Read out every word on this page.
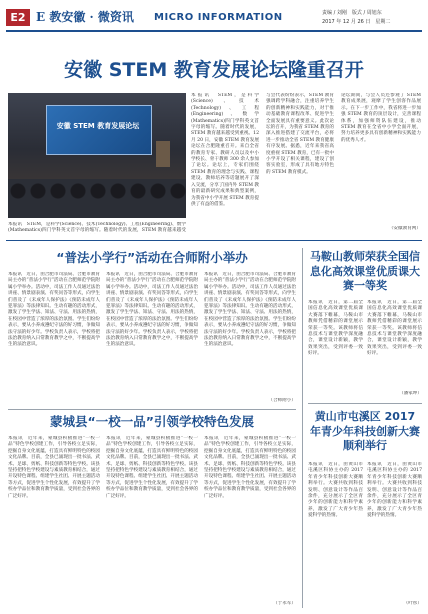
E2 E 教安徽 · 微资讯 MICRO INFORMATION	责编 / 刘刚　版式 / 周旭东
2017 年 12 月 26 日　星期二
安徽 STEM 教育发展论坛隆重召开
安徽 STEM 教育发展论坛
本报讯　STEM，是科学(Science)、技术(Technology)、工程(Engineering)、数学(Mathematics)四门学科英文首字母的缩写。随着时代的发展，STEM 教育越来越受到重视。12 月 20 日，安徽 STEM 教育发展论坛在合肥隆重召开。来自全省的教育专家、教研人员以及中小学校长、骨干教师 300 余人参加了论坛。论坛上，专家们围绕 STEM 教育的理念与实践、课程建设、教师培养等话题展开了深入交流，分享了国内外 STEM 教育的最新研究成果和典型案例，为我省中小学开展 STEM 教育提供了有益的借鉴。
与会代表纷纷表示，STEM 教育强调跨学科融合，注重培养学生的创新精神和实践能力，对于推动基础教育课程改革、促进学生全面发展具有重要意义。此次论坛的召开，为我省 STEM 教育的深入推进搭建了交流平台，必将进一步推动全省 STEM 教育健康有序发展。据悉，近年来我省高度重视 STEM 教育，已有一批中小学开设了相关课程，建设了创客实验室，形成了具有地方特色的 STEM 教育模式。
论坛期间，与会人员还参观了 STEM 教育成果展，观摩了学生创客作品展示。在下一步工作中，我省将进一步加强 STEM 教育的顶层设计，完善课程体系，加强师资队伍建设，推动 STEM 教育在全省中小学全面开展，努力培养更多具有创新精神和实践能力的优秀人才。
（安徽教育网）
本报讯　STEM，是科学(Science)、技术(Technology)、工程(Engineering)、数学(Mathematics)四门学科英文首字母的缩写。随着时代的发展，STEM 教育越来越受
“普法小学行”活动在合师附小举办
本报讯　近日，由合肥市司法局、合肥市教育局主办的“普法小学行”活动在合肥师范学院附属小学举办。活动中，司法工作人员通过法治讲座、情景剧表演、有奖问答等形式，向学生们普及了《未成年人保护法》《预防未成年人犯罪法》等法律知识。生动有趣的活动形式，激发了学生学法、知法、守法、用法的热情，在校园中营造了浓厚的法治氛围。学生们纷纷表示，要从小养成遵纪守法的好习惯，争做知法守法的好少年。学校负责人表示，学校将把法治教育纳入日常教育教学之中，不断提高学生的法治意识。
本报讯　近日，由合肥市司法局、合肥市教育局主办的“普法小学行”活动在合肥师范学院附属小学举办。活动中，司法工作人员通过法治讲座、情景剧表演、有奖问答等形式，向学生们普及了《未成年人保护法》《预防未成年人犯罪法》等法律知识。生动有趣的活动形式，激发了学生学法、知法、守法、用法的热情，在校园中营造了浓厚的法治氛围。学生们纷纷表示，要从小养成遵纪守法的好习惯，争做知法守法的好少年。学校负责人表示，学校将把法治教育纳入日常教育教学之中，不断提高学生的法治意识。
本报讯　近日，由合肥市司法局、合肥市教育局主办的“普法小学行”活动在合肥师范学院附属小学举办。活动中，司法工作人员通过法治讲座、情景剧表演、有奖问答等形式，向学生们普及了《未成年人保护法》《预防未成年人犯罪法》等法律知识。生动有趣的活动形式，激发了学生学法、知法、守法、用法的热情，在校园中营造了浓厚的法治氛围。学生们纷纷表示，要从小养成遵纪守法的好习惯，争做知法守法的好少年。学校负责人表示，学校将把法治教育纳入日常教育教学之中，不断提高学生的法治意识。
（合师附小）
蒙城县“一校一品”引领学校特色发展
本报讯　近年来，蒙城县积极推进“一校一品”特色学校创建工作，引导各校立足实际，挖掘自身文化底蕴，打造具有鲜明特色的校园文化品牌。目前，全县已涌现出一批书法、武术、足球、剪纸、科技创新等特色学校。该县坚持把特色学校建设与素质教育相结合，通过开设特色课程、组建学生社团、开展主题活动等方式，促进学生个性化发展，有效提升了学校办学品位和教育教学质量，受到社会各界的广泛好评。
本报讯　近年来，蒙城县积极推进“一校一品”特色学校创建工作，引导各校立足实际，挖掘自身文化底蕴，打造具有鲜明特色的校园文化品牌。目前，全县已涌现出一批书法、武术、足球、剪纸、科技创新等特色学校。该县坚持把特色学校建设与素质教育相结合，通过开设特色课程、组建学生社团、开展主题活动等方式，促进学生个性化发展，有效提升了学校办学品位和教育教学质量，受到社会各界的广泛好评。
本报讯　近年来，蒙城县积极推进“一校一品”特色学校创建工作，引导各校立足实际，挖掘自身文化底蕴，打造具有鲜明特色的校园文化品牌。目前，全县已涌现出一批书法、武术、足球、剪纸、科技创新等特色学校。该县坚持把特色学校建设与素质教育相结合，通过开设特色课程、组建学生社团、开展主题活动等方式，促进学生个性化发展，有效提升了学校办学品位和教育教学质量，受到社会各界的广泛好评。
（于永军）
马鞍山教师荣获全国信息化高效课堂优质课大赛一等奖
本报讯　近日，第二届全国信息化高效课堂优质课大赛落下帷幕，马鞍山市教师凭借精彩的课堂展示荣获一等奖。该教师将信息技术与课堂教学深度融合，课堂设计新颖，教学效果突出，受到评委一致好评。
本报讯　近日，第二届全国信息化高效课堂优质课大赛落下帷幕，马鞍山市教师凭借精彩的课堂展示荣获一等奖。该教师将信息技术与课堂教学深度融合，课堂设计新颖，教学效果突出，受到评委一致好评。
（潘家坤）
黄山市屯溪区 2017 年青少年科技创新大赛顺利举行
本报讯　近日，由黄山市屯溪区科协主办的 2017 年青少年科技创新大赛顺利举行。大赛共收到科技发明、创意设计等作品百余件，充分展示了全区青少年的创新能力和科学素养，激发了广大青少年热爱科学的热情。
本报讯　近日，由黄山市屯溪区科协主办的 2017 年青少年科技创新大赛顺利举行。大赛共收到科技发明、创意设计等作品百余件，充分展示了全区青少年的创新能力和科学素养，激发了广大青少年热爱科学的热情。
（叶彤）
